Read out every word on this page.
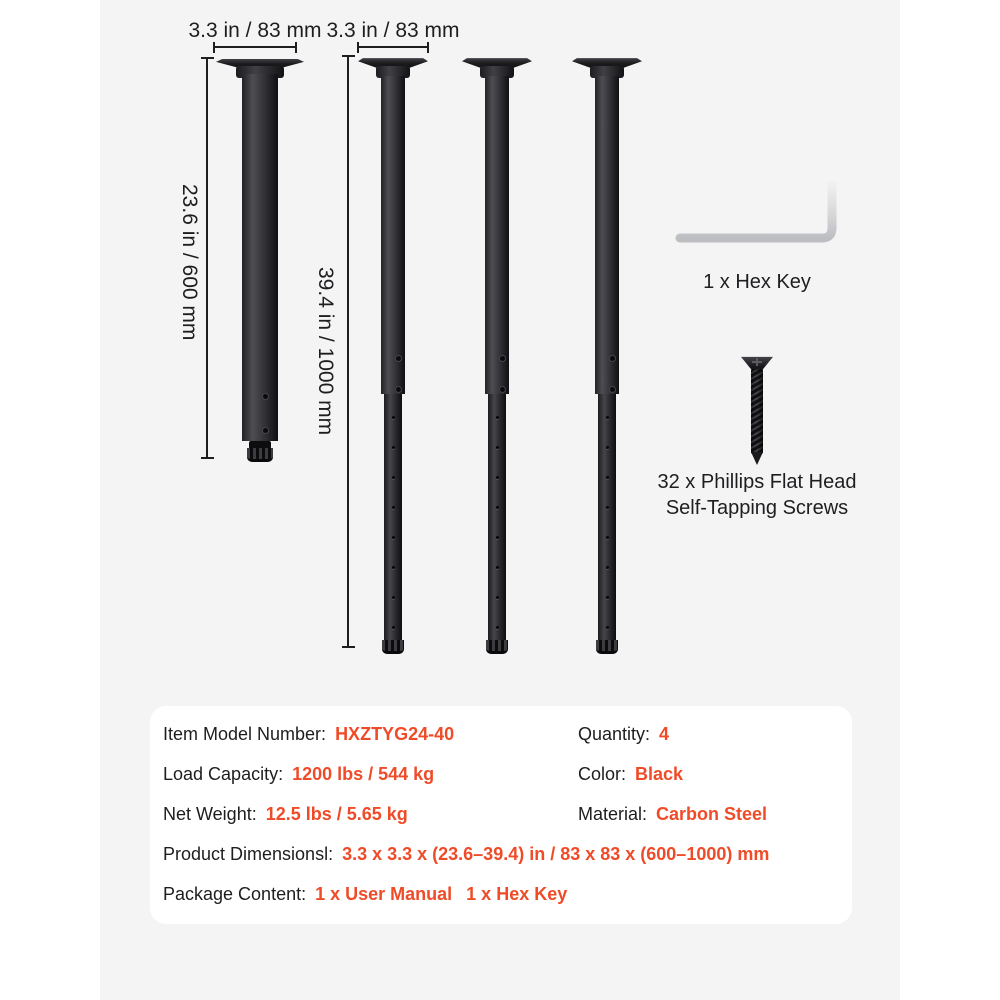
3.3 in / 83 mm 3.3 in / 83 mm
23.6 in / 600 mm
39.4 in / 1000 mm	1 x Hex Key
32 x Phillips Flat Head
Self-Tapping Screws
Item Model Number: HXZTYG24-40
Load Capacity: 1200 lbs / 544 kg
Net Weight: 12.5 lbs / 5.65 kg
Quantity: 4
Color: Black
Material: Carbon Steel
Product Dimensionsl: 3.3 x 3.3 x (23.6–39.4) in / 83 x 83 x (600–1000) mm
Package Content: 1 x User Manual  1 x Hex Key
